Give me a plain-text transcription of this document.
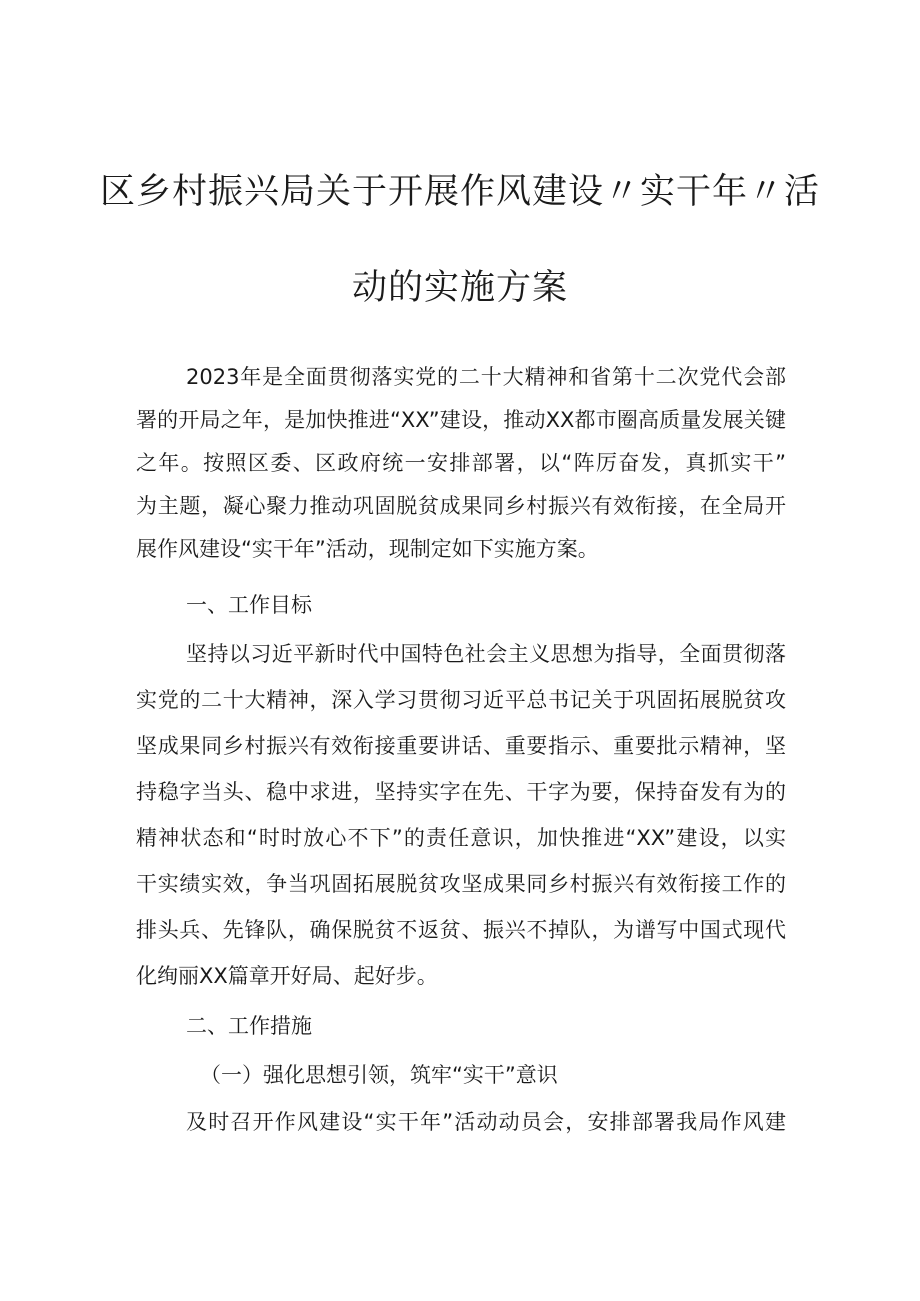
区乡村振兴局关于开展作风建设〃实干年〃活
动的实施方案

2023年是全面贯彻落实党的二十大精神和省第十二次党代会部

署的开局之年，是加快推进“XX”建设，推动XX都市圈高质量发展关键

之年。按照区委、区政府统一安排部署，以“阵厉奋发，真抓实干”

为主题，凝心聚力推动巩固脱贫成果同乡村振兴有效衔接，在全局开

展作风建设“实干年”活动，现制定如下实施方案。

一、工作目标

坚持以习近平新时代中国特色社会主义思想为指导，全面贯彻落

实党的二十大精神，深入学习贯彻习近平总书记关于巩固拓展脱贫攻

坚成果同乡村振兴有效衔接重要讲话、重要指示、重要批示精神，坚

持稳字当头、稳中求进，坚持实字在先、干字为要，保持奋发有为的

精神状态和“时时放心不下”的责任意识，加快推进“XX”建设，以实

干实绩实效，争当巩固拓展脱贫攻坚成果同乡村振兴有效衔接工作的

排头兵、先锋队，确保脱贫不返贫、振兴不掉队，为谱写中国式现代

化绚丽XX篇章开好局、起好步。

二、工作措施

（一）强化思想引领，筑牢“实干”意识

及时召开作风建设“实干年”活动动员会，安排部署我局作风建
